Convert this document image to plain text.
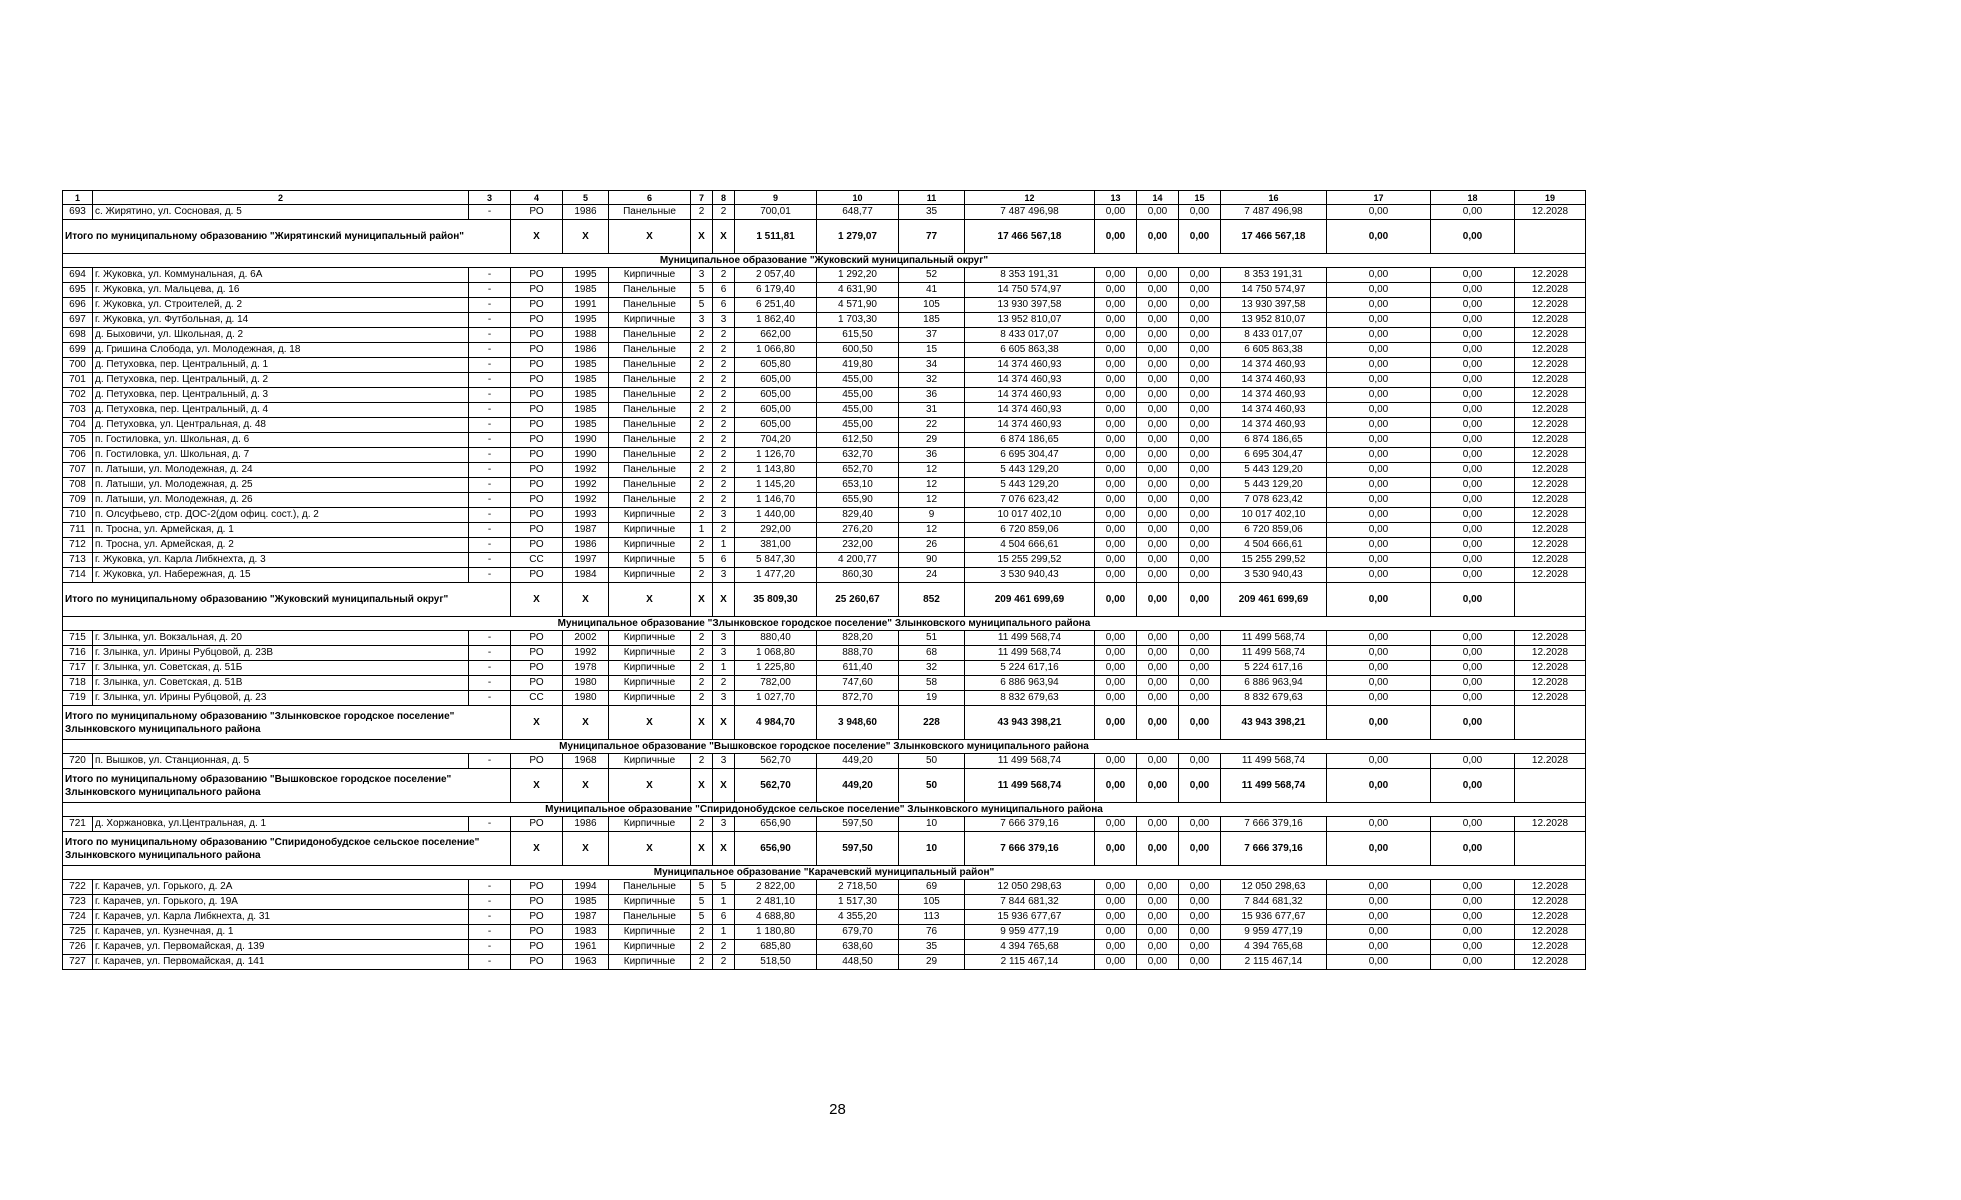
1	2	3	4	5	6	7	8	9	10	11	12	13	14	15	16	17	18	19
693	с. Жирятино, ул. Сосновая, д. 5	-	РО	1986	Панельные	2	2	700,01	648,77	35	7 487 496,98	0,00	0,00	0,00	7 487 496,98	0,00	0,00	12.2028
Итого по муниципальному образованию "Жирятинский муниципальный район"			X	X	X	X	X	1 511,81	1 279,07	77	17 466 567,18	0,00	0,00	0,00	17 466 567,18	0,00	0,00	
Муниципальное образование "Жуковский муниципальный округ"																		
694	г. Жуковка, ул. Коммунальная, д. 6А	-	РО	1995	Кирпичные	3	2	2 057,40	1 292,20	52	8 353 191,31	0,00	0,00	0,00	8 353 191,31	0,00	0,00	12.2028
695	г. Жуковка, ул. Мальцева, д. 16	-	РО	1985	Панельные	5	6	6 179,40	4 631,90	41	14 750 574,97	0,00	0,00	0,00	14 750 574,97	0,00	0,00	12.2028
696	г. Жуковка, ул. Строителей, д. 2	-	РО	1991	Панельные	5	6	6 251,40	4 571,90	105	13 930 397,58	0,00	0,00	0,00	13 930 397,58	0,00	0,00	12.2028
697	г. Жуковка, ул. Футбольная, д. 14	-	РО	1995	Кирпичные	3	3	1 862,40	1 703,30	185	13 952 810,07	0,00	0,00	0,00	13 952 810,07	0,00	0,00	12.2028
698	д. Быховичи, ул. Школьная, д. 2	-	РО	1988	Панельные	2	2	662,00	615,50	37	8 433 017,07	0,00	0,00	0,00	8 433 017,07	0,00	0,00	12.2028
699	д. Гришина Слобода, ул. Молодежная, д. 18	-	РО	1986	Панельные	2	2	1 066,80	600,50	15	6 605 863,38	0,00	0,00	0,00	6 605 863,38	0,00	0,00	12.2028
700	д. Петуховка, пер. Центральный, д. 1	-	РО	1985	Панельные	2	2	605,80	419,80	34	14 374 460,93	0,00	0,00	0,00	14 374 460,93	0,00	0,00	12.2028
701	д. Петуховка, пер. Центральный, д. 2	-	РО	1985	Панельные	2	2	605,00	455,00	32	14 374 460,93	0,00	0,00	0,00	14 374 460,93	0,00	0,00	12.2028
702	д. Петуховка, пер. Центральный, д. 3	-	РО	1985	Панельные	2	2	605,00	455,00	36	14 374 460,93	0,00	0,00	0,00	14 374 460,93	0,00	0,00	12.2028
703	д. Петуховка, пер. Центральный, д. 4	-	РО	1985	Панельные	2	2	605,00	455,00	31	14 374 460,93	0,00	0,00	0,00	14 374 460,93	0,00	0,00	12.2028
704	д. Петуховка, ул. Центральная, д. 48	-	РО	1985	Панельные	2	2	605,00	455,00	22	14 374 460,93	0,00	0,00	0,00	14 374 460,93	0,00	0,00	12.2028
705	п. Гостиловка, ул. Школьная, д. 6	-	РО	1990	Панельные	2	2	704,20	612,50	29	6 874 186,65	0,00	0,00	0,00	6 874 186,65	0,00	0,00	12.2028
706	п. Гостиловка, ул. Школьная, д. 7	-	РО	1990	Панельные	2	2	1 126,70	632,70	36	6 695 304,47	0,00	0,00	0,00	6 695 304,47	0,00	0,00	12.2028
707	п. Латыши, ул. Молодежная, д. 24	-	РО	1992	Панельные	2	2	1 143,80	652,70	12	5 443 129,20	0,00	0,00	0,00	5 443 129,20	0,00	0,00	12.2028
708	п. Латыши, ул. Молодежная, д. 25	-	РО	1992	Панельные	2	2	1 145,20	653,10	12	5 443 129,20	0,00	0,00	0,00	5 443 129,20	0,00	0,00	12.2028
709	п. Латыши, ул. Молодежная, д. 26	-	РО	1992	Панельные	2	2	1 146,70	655,90	12	7 076 623,42	0,00	0,00	0,00	7 078 623,42	0,00	0,00	12.2028
710	п. Олсуфьево, стр. ДОС-2(дом офиц. сост.), д. 2	-	РО	1993	Кирпичные	2	3	1 440,00	829,40	9	10 017 402,10	0,00	0,00	0,00	10 017 402,10	0,00	0,00	12.2028
711	п. Тросна, ул. Армейская, д. 1	-	РО	1987	Кирпичные	1	2	292,00	276,20	12	6 720 859,06	0,00	0,00	0,00	6 720 859,06	0,00	0,00	12.2028
712	п. Тросна, ул. Армейская, д. 2	-	РО	1986	Кирпичные	2	1	381,00	232,00	26	4 504 666,61	0,00	0,00	0,00	4 504 666,61	0,00	0,00	12.2028
713	г. Жуковка, ул. Карла Либкнехта, д. 3	-	СС	1997	Кирпичные	5	6	5 847,30	4 200,77	90	15 255 299,52	0,00	0,00	0,00	15 255 299,52	0,00	0,00	12.2028
714	г. Жуковка, ул. Набережная, д. 15	-	РО	1984	Кирпичные	2	3	1 477,20	860,30	24	3 530 940,43	0,00	0,00	0,00	3 530 940,43	0,00	0,00	12.2028
Итого по муниципальному образованию "Жуковский муниципальный округ"			X	X	X	X	X	35 809,30	25 260,67	852	209 461 699,69	0,00	0,00	0,00	209 461 699,69	0,00	0,00	
Муниципальное образование "Злынковское городское поселение" Злынковского муниципального района																		
715	г. Злынка, ул. Вокзальная, д. 20	-	РО	2002	Кирпичные	2	3	880,40	828,20	51	11 499 568,74	0,00	0,00	0,00	11 499 568,74	0,00	0,00	12.2028
716	г. Злынка, ул. Ирины Рубцовой, д. 23В	-	РО	1992	Кирпичные	2	3	1 068,80	888,70	68	11 499 568,74	0,00	0,00	0,00	11 499 568,74	0,00	0,00	12.2028
717	г. Злынка, ул. Советская, д. 51Б	-	РО	1978	Кирпичные	2	1	1 225,80	611,40	32	5 224 617,16	0,00	0,00	0,00	5 224 617,16	0,00	0,00	12.2028
718	г. Злынка, ул. Советская, д. 51В	-	РО	1980	Кирпичные	2	2	782,00	747,60	58	6 886 963,94	0,00	0,00	0,00	6 886 963,94	0,00	0,00	12.2028
719	г. Злынка, ул. Ирины Рубцовой, д. 23	-	СС	1980	Кирпичные	2	3	1 027,70	872,70	19	8 832 679,63	0,00	0,00	0,00	8 832 679,63	0,00	0,00	12.2028
Итого по муниципальному образованию "Злынковское городское поселение" Злынковского муниципального района			X	X	X	X	X	4 984,70	3 948,60	228	43 943 398,21	0,00	0,00	0,00	43 943 398,21	0,00	0,00	
Муниципальное образование "Вышковское городское поселение" Злынковского муниципального района																		
720	п. Вышков, ул. Станционная, д. 5	-	РО	1968	Кирпичные	2	3	562,70	449,20	50	11 499 568,74	0,00	0,00	0,00	11 499 568,74	0,00	0,00	12.2028
Итого по муниципальному образованию "Вышковское городское поселение" Злынковского муниципального района			X	X	X	X	X	562,70	449,20	50	11 499 568,74	0,00	0,00	0,00	11 499 568,74	0,00	0,00	
Муниципальное образование "Спиридонобудское сельское поселение" Злынковского муниципального района																		
721	д. Хоржановка, ул.Центральная, д. 1	-	РО	1986	Кирпичные	2	3	656,90	597,50	10	7 666 379,16	0,00	0,00	0,00	7 666 379,16	0,00	0,00	12.2028
Итого по муниципальному образованию "Спиридонобудское сельское поселение" Злынковского муниципального района			X	X	X	X	X	656,90	597,50	10	7 666 379,16	0,00	0,00	0,00	7 666 379,16	0,00	0,00	
Муниципальное образование "Карачевский муниципальный район"																		
722	г. Карачев, ул. Горького, д. 2А	-	РО	1994	Панельные	5	5	2 822,00	2 718,50	69	12 050 298,63	0,00	0,00	0,00	12 050 298,63	0,00	0,00	12.2028
723	г. Карачев, ул. Горького, д. 19А	-	РО	1985	Кирпичные	5	1	2 481,10	1 517,30	105	7 844 681,32	0,00	0,00	0,00	7 844 681,32	0,00	0,00	12.2028
724	г. Карачев, ул. Карла Либкнехта, д. 31	-	РО	1987	Панельные	5	6	4 688,80	4 355,20	113	15 936 677,67	0,00	0,00	0,00	15 936 677,67	0,00	0,00	12.2028
725	г. Карачев, ул. Кузнечная, д. 1	-	РО	1983	Кирпичные	2	1	1 180,80	679,70	76	9 959 477,19	0,00	0,00	0,00	9 959 477,19	0,00	0,00	12.2028
726	г. Карачев, ул. Первомайская, д. 139	-	РО	1961	Кирпичные	2	2	685,80	638,60	35	4 394 765,68	0,00	0,00	0,00	4 394 765,68	0,00	0,00	12.2028
727	г. Карачев, ул. Первомайская, д. 141	-	РО	1963	Кирпичные	2	2	518,50	448,50	29	2 115 467,14	0,00	0,00	0,00	2 115 467,14	0,00	0,00	12.2028
28
